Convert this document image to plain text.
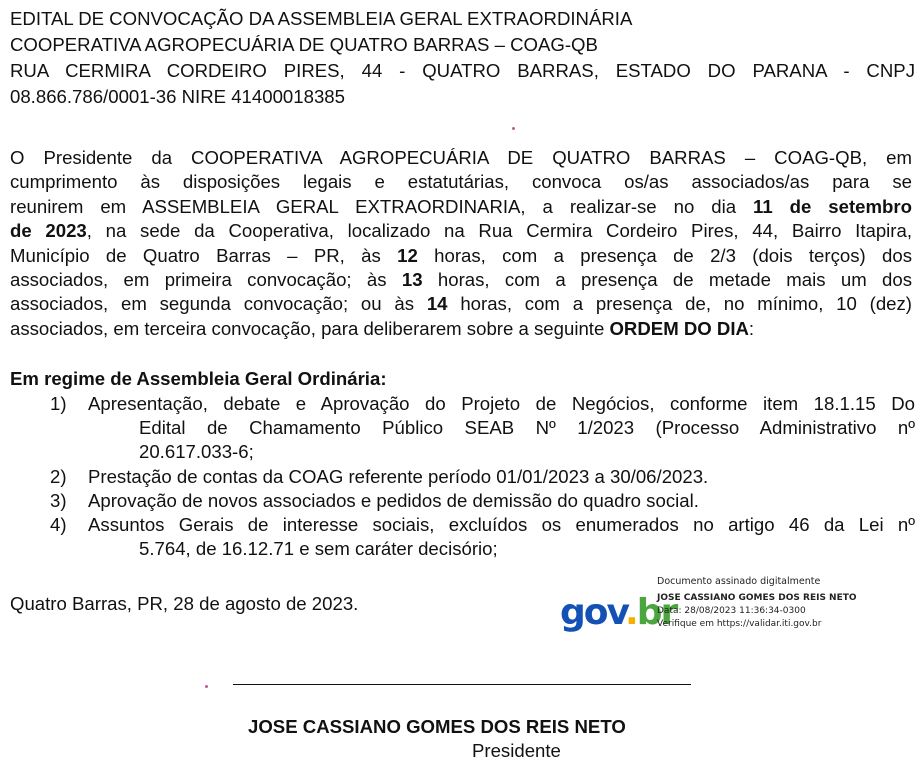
EDITAL DE CONVOCAÇÃO DA ASSEMBLEIA GERAL EXTRAORDINÁRIA
COOPERATIVA AGROPECUÁRIA DE QUATRO BARRAS – COAG-QB
RUA CERMIRA CORDEIRO PIRES, 44 - QUATRO BARRAS, ESTADO DO PARANA - CNPJ
08.866.786/0001-36 NIRE 41400018385
O Presidente da COOPERATIVA AGROPECUÁRIA DE QUATRO BARRAS – COAG-QB, em
cumprimento às disposições legais e estatutárias, convoca os/as associados/as para se
reunirem em ASSEMBLEIA GERAL EXTRAORDINARIA, a realizar-se no dia 11 de setembro
de 2023, na sede da Cooperativa, localizado na Rua Cermira Cordeiro Pires, 44, Bairro Itapira,
Município de Quatro Barras – PR, às 12 horas, com a presença de 2/3 (dois terços) dos
associados, em primeira convocação; às 13 horas, com a presença de metade mais um dos
associados, em segunda convocação; ou às 14 horas, com a presença de, no mínimo, 10 (dez)
associados, em terceira convocação, para deliberarem sobre a seguinte ORDEM DO DIA:
Em regime de Assembleia Geral Ordinária:
1) Apresentação, debate e Aprovação do Projeto de Negócios, conforme item 18.1.15 Do
Edital de Chamamento Público SEAB Nº 1/2023 (Processo Administrativo nº
20.617.033-6;
2) Prestação de contas da COAG referente período 01/01/2023 a 30/06/2023.
3) Aprovação de novos associados e pedidos de demissão do quadro social.
4) Assuntos Gerais de interesse sociais, excluídos os enumerados no artigo 46 da Lei nº
5.764, de 16.12.71 e sem caráter decisório;
Quatro Barras, PR, 28 de agosto de 2023.	gov.br
Documento assinado digitalmente
JOSE CASSIANO GOMES DOS REIS NETO
Data: 28/08/2023 11:36:34-0300
Verifique em https://validar.iti.gov.br
JOSE CASSIANO GOMES DOS REIS NETO
Presidente
